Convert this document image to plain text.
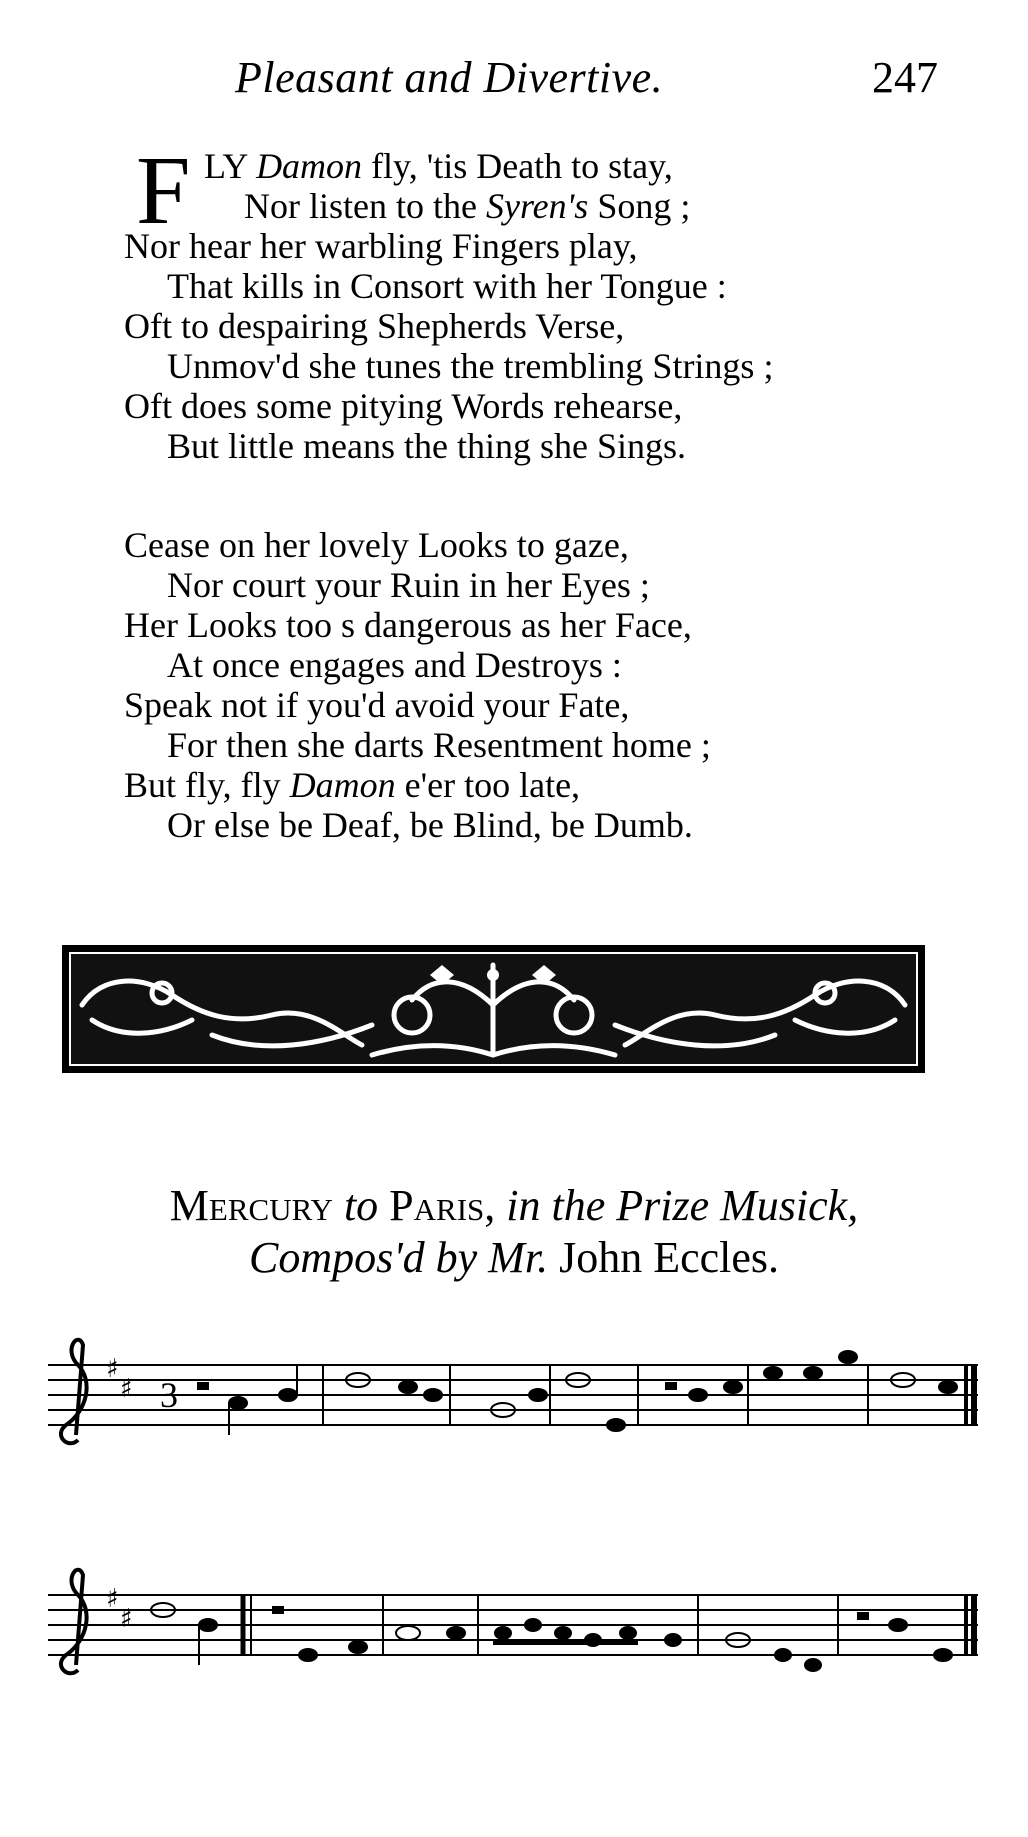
Pleasant and Divertive.	247
F LY Damon fly, 'tis Death to stay,
Nor listen to the Syren's Song ;
Nor hear her warbling Fingers play,
That kills in Consort with her Tongue :
Oft to despairing Shepherds Verse,
Unmov'd she tunes the trembling Strings ;
Oft does some pitying Words rehearse,
But little means the thing she Sings.
Cease on her lovely Looks to gaze,
Nor court your Ruin in her Eyes ;
Her Looks too s dangerous as her Face,
At once engages and Destroys :
Speak not if you'd avoid your Fate,
For then she darts Resentment home ;
But fly, fly Damon e'er too late,
Or else be Deaf, be Blind, be Dumb.
Mercury to Paris, in the Prize Musick,
Compos'd by Mr. John Eccles.
♯
♯ 3
♯
♯
